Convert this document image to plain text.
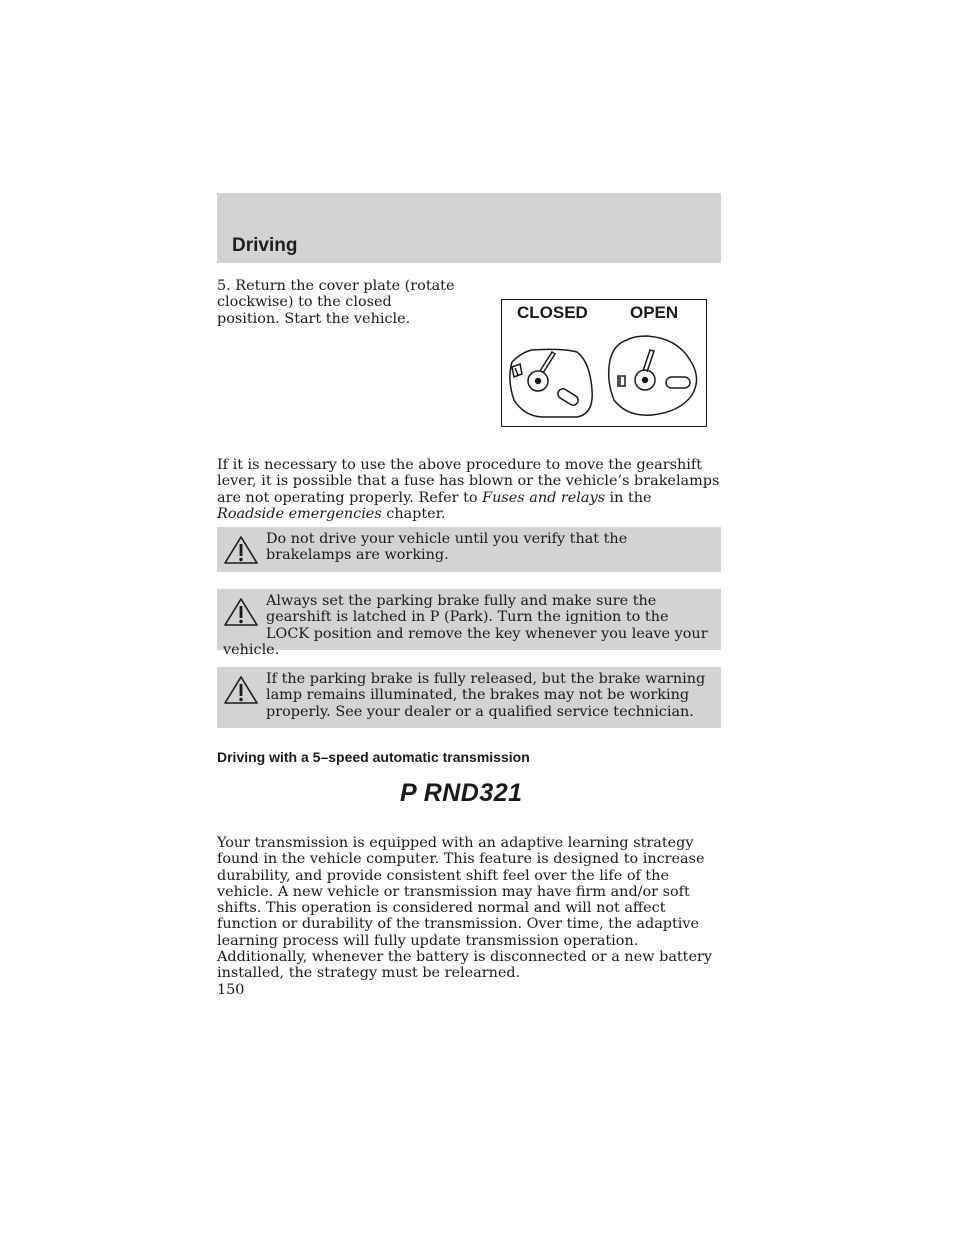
Driving
5. Return the cover plate (rotate clockwise) to the closed position. Start the vehicle.	CLOSED OPEN
If it is necessary to use the above procedure to move the gearshift lever, it is possible that a fuse has blown or the vehicle’s brakelamps are not operating properly. Refer to Fuses and relays in the Roadside emergencies chapter.
Do not drive your vehicle until you verify that the brakelamps are working.
Always set the parking brake fully and make sure the gearshift is latched in P (Park). Turn the ignition to the LOCK position and remove the key whenever you leave your vehicle.
If the parking brake is fully released, but the brake warning lamp remains illuminated, the brakes may not be working properly. See your dealer or a qualified service technician.
Driving with a 5–speed automatic transmission
P RND321
Your transmission is equipped with an adaptive learning strategy found in the vehicle computer. This feature is designed to increase durability, and provide consistent shift feel over the life of the vehicle. A new vehicle or transmission may have firm and/or soft shifts. This operation is considered normal and will not affect function or durability of the transmission. Over time, the adaptive learning process will fully update transmission operation. Additionally, whenever the battery is disconnected or a new battery installed, the strategy must be relearned.
150
